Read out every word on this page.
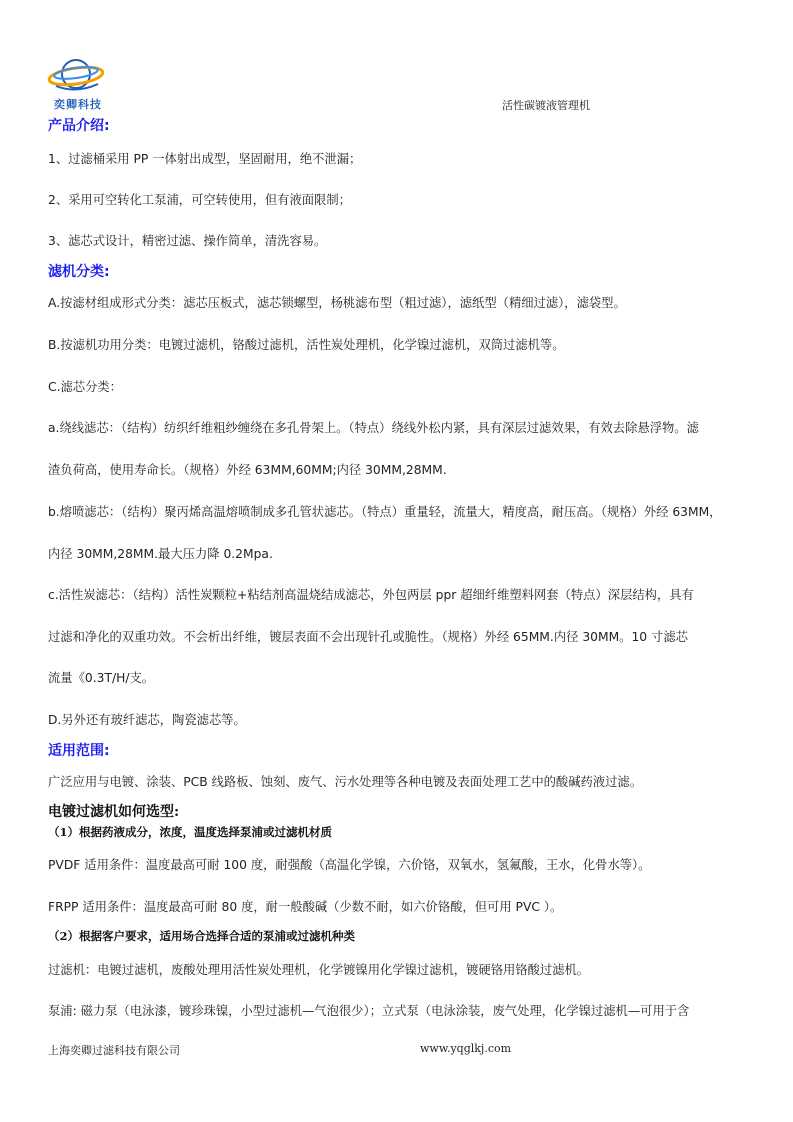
奕卿科技	活性碳镀液管理机
产品介绍:
1、过滤桶采用 PP 一体射出成型，坚固耐用，绝不泄漏；
2、采用可空转化工泵浦，可空转使用，但有液面限制；
3、滤芯式设计，精密过滤、操作简单，清洗容易。
滤机分类:
A.按滤材组成形式分类：滤芯压板式，滤芯锁螺型，杨桃滤布型（粗过滤），滤纸型（精细过滤），滤袋型。
B.按滤机功用分类：电镀过滤机，铬酸过滤机，活性炭处理机，化学镍过滤机，双筒过滤机等。
C.滤芯分类：
a.绕线滤芯：（结构）纺织纤维粗纱缠绕在多孔骨架上。（特点）绕线外松内紧，具有深层过滤效果，有效去除悬浮物。滤
渣负荷高，使用寿命长。（规格）外经 63MM,60MM;内径 30MM,28MM.
b.熔喷滤芯：（结构）聚丙烯高温熔喷制成多孔管状滤芯。（特点）重量轻，流量大，精度高，耐压高。（规格）外经 63MM，
内径 30MM,28MM.最大压力降 0.2Mpa.
c.活性炭滤芯：（结构）活性炭颗粒+粘结剂高温烧结成滤芯，外包两层 ppr 超细纤维塑料网套（特点）深层结构，具有
过滤和净化的双重功效。不会析出纤维，镀层表面不会出现针孔或脆性。（规格）外经 65MM.内径 30MM。10 寸滤芯
流量《0.3T/H/支。
D.另外还有玻纤滤芯，陶瓷滤芯等。
适用范围:
广泛应用与电镀、涂装、PCB 线路板、蚀刻、废气、污水处理等各种电镀及表面处理工艺中的酸碱药液过滤。
电镀过滤机如何选型:
（1）根据药液成分，浓度，温度选择泵浦或过滤机材质
PVDF 适用条件：温度最高可耐 100 度，耐强酸（高温化学镍，六价铬，双氧水，氢氟酸，王水，化骨水等）。
FRPP 适用条件：温度最高可耐 80 度，耐一般酸碱（少数不耐，如六价铬酸，但可用 PVC ）。
（2）根据客户要求，适用场合选择合适的泵浦或过滤机种类
过滤机：电镀过滤机，废酸处理用活性炭处理机，化学镀镍用化学镍过滤机，镀硬铬用铬酸过滤机。
泵浦: 磁力泵（电泳漆，镀珍珠镍，小型过滤机—气泡很少）；立式泵（电泳涂装，废气处理，化学镍过滤机—可用于含
上海奕卿过滤科技有限公司	www.yqglkj.com
